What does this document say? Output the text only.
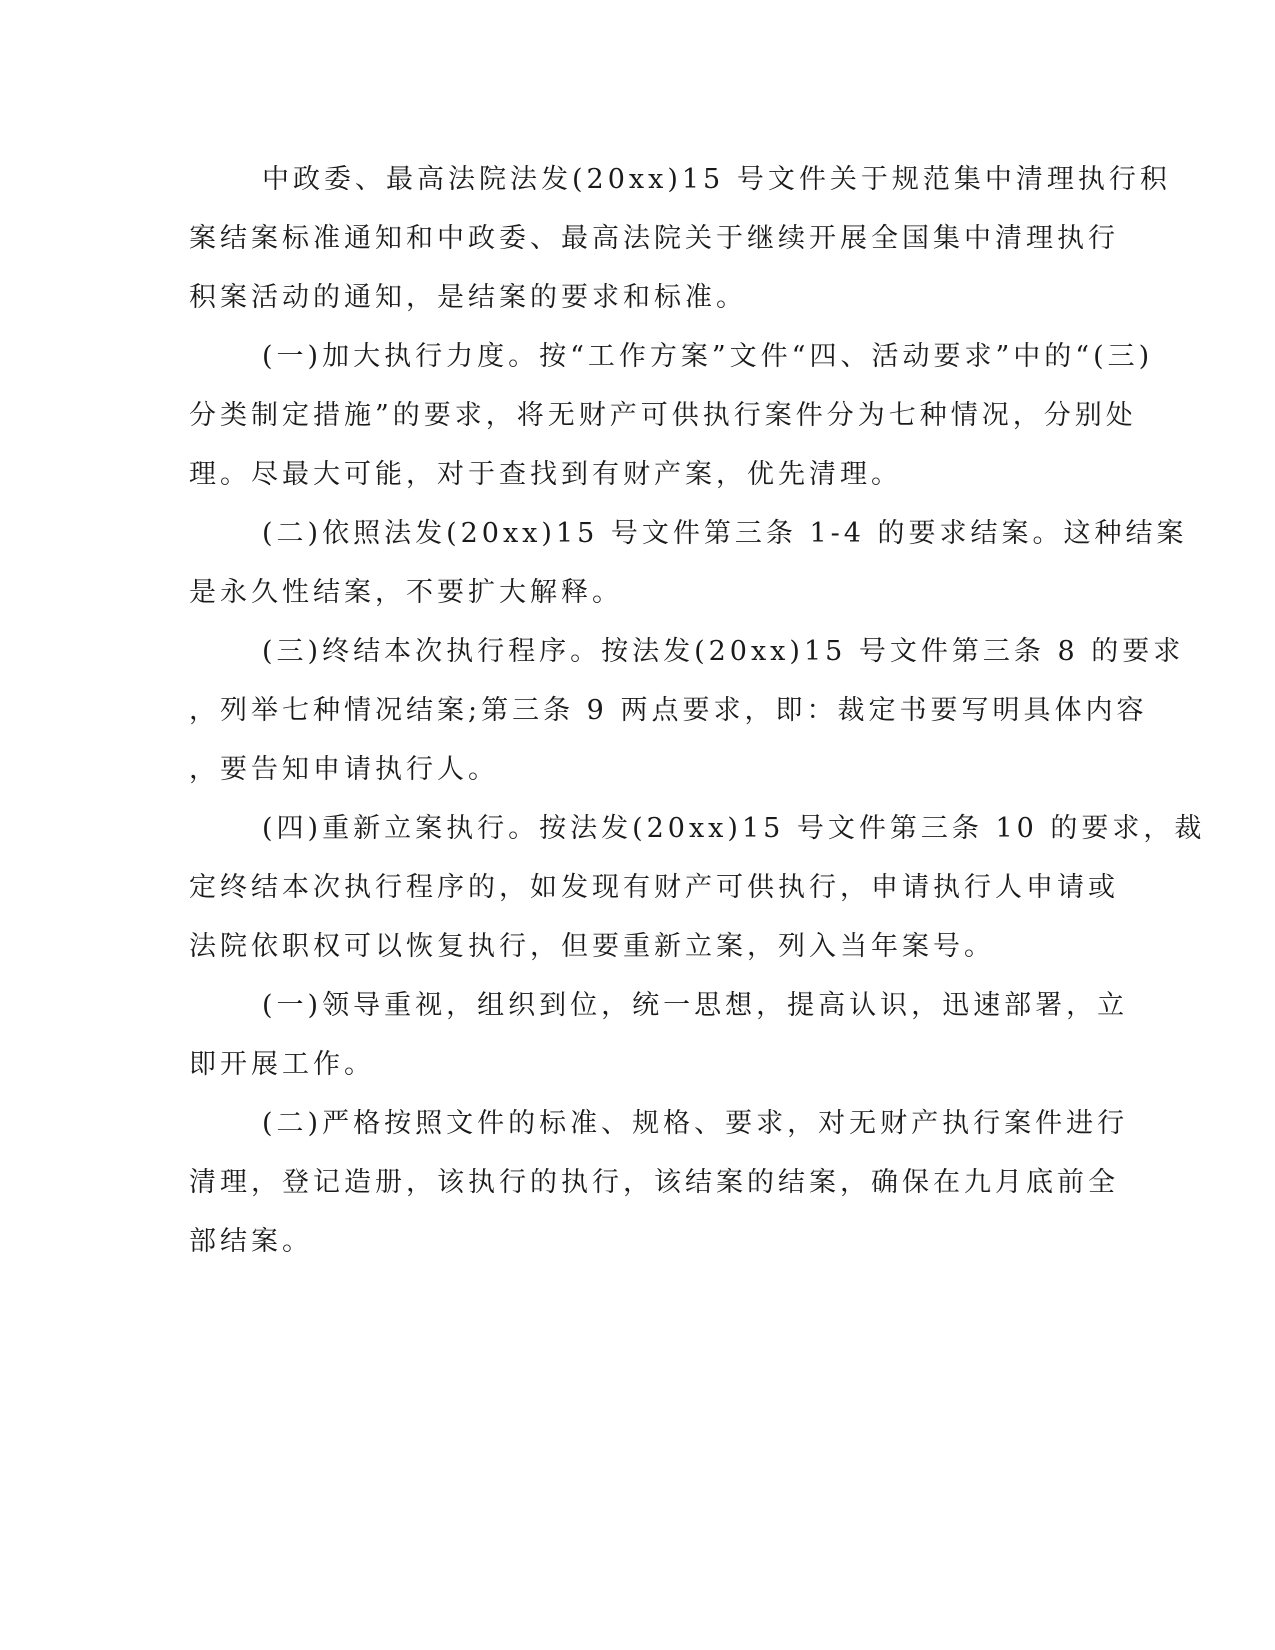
中政委、最高法院法发(20xx)15 号文件关于规范集中清理执行积

案结案标准通知和中政委、最高法院关于继续开展全国集中清理执行

积案活动的通知，是结案的要求和标准。

(一)加大执行力度。按“工作方案”文件“四、活动要求”中的“(三)

分类制定措施”的要求，将无财产可供执行案件分为七种情况，分别处

理。尽最大可能，对于查找到有财产案，优先清理。

(二)依照法发(20xx)15 号文件第三条 1-4 的要求结案。这种结案

是永久性结案，不要扩大解释。

(三)终结本次执行程序。按法发(20xx)15 号文件第三条 8 的要求

，列举七种情况结案;第三条 9 两点要求，即：裁定书要写明具体内容

，要告知申请执行人。

(四)重新立案执行。按法发(20xx)15 号文件第三条 10 的要求，裁

定终结本次执行程序的，如发现有财产可供执行，申请执行人申请或

法院依职权可以恢复执行，但要重新立案，列入当年案号。

(一)领导重视，组织到位，统一思想，提高认识，迅速部署，立

即开展工作。

(二)严格按照文件的标准、规格、要求，对无财产执行案件进行

清理，登记造册，该执行的执行，该结案的结案，确保在九月底前全

部结案。
